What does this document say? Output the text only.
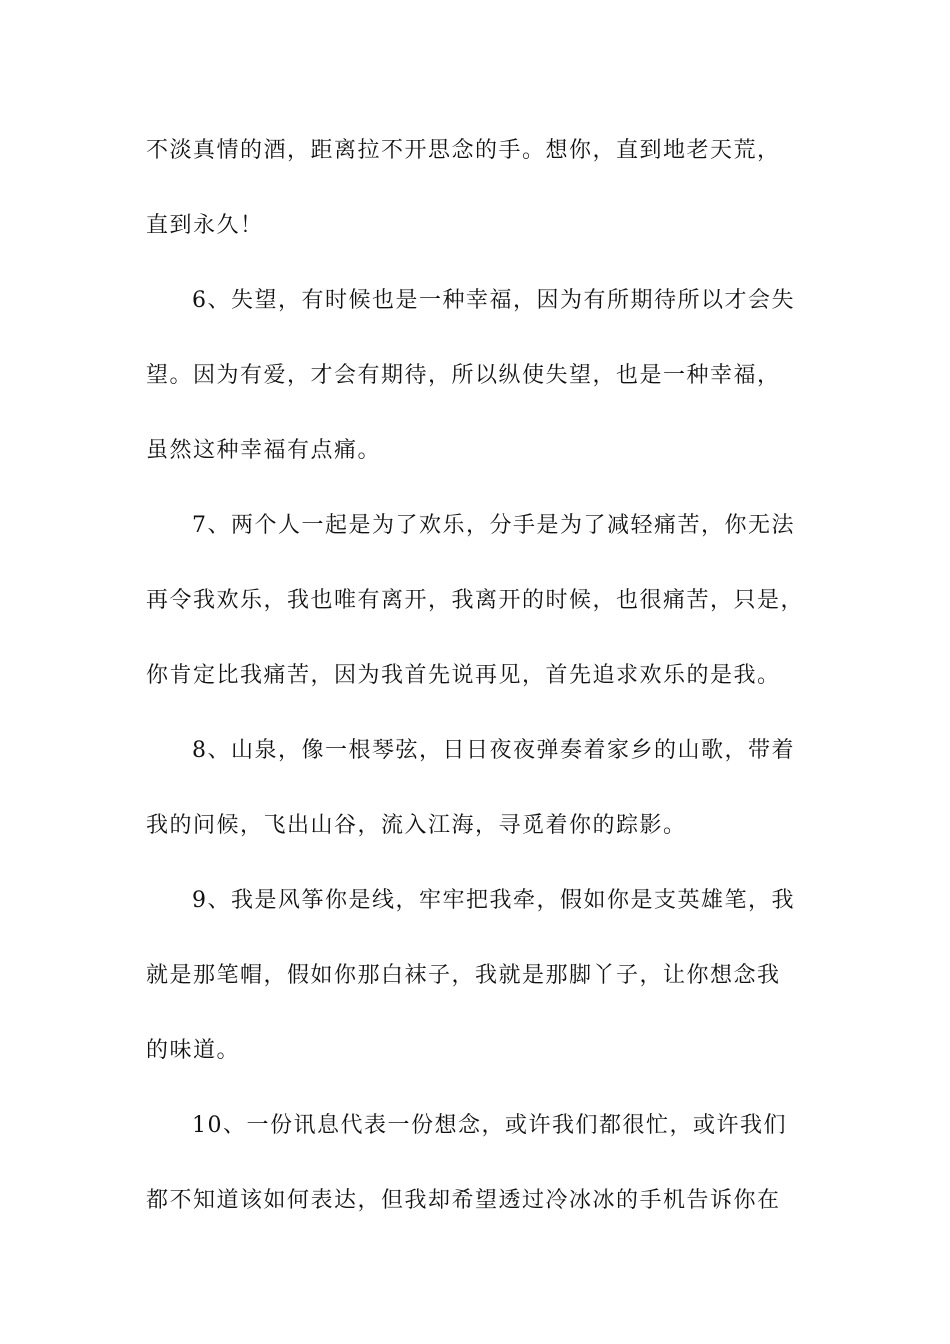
不淡真情的酒，距离拉不开思念的手。想你，直到地老天荒，
直到永久！
6、失望，有时候也是一种幸福，因为有所期待所以才会失
望。因为有爱，才会有期待，所以纵使失望，也是一种幸福，
虽然这种幸福有点痛。
7、两个人一起是为了欢乐，分手是为了减轻痛苦，你无法
再令我欢乐，我也唯有离开，我离开的时候，也很痛苦，只是，
你肯定比我痛苦，因为我首先说再见，首先追求欢乐的是我。
8、山泉，像一根琴弦，日日夜夜弹奏着家乡的山歌，带着
我的问候，飞出山谷，流入江海，寻觅着你的踪影。
9、我是风筝你是线，牢牢把我牵，假如你是支英雄笔，我
就是那笔帽，假如你那白袜子，我就是那脚丫子，让你想念我
的味道。
10、一份讯息代表一份想念，或许我们都很忙，或许我们
都不知道该如何表达，但我却希望透过冷冰冰的手机告诉你在
